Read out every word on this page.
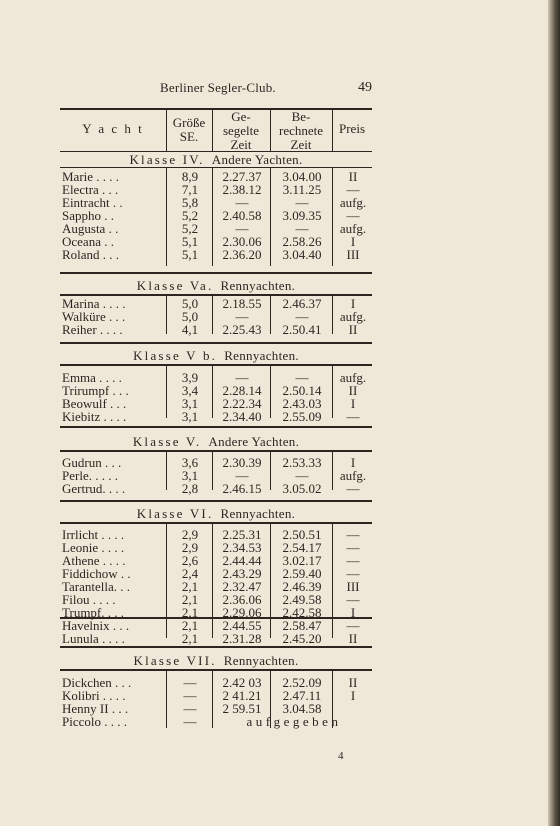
Berliner Segler-Club.	49
Y a c h t	Größe
SE.
Ge-
segelte
Zeit
Be-
rechnete
Zeit
Preis
Klasse IV. Andere Yachten.
Marie . . . .	8,9	2.27.37	3.04.00	II
Electra . . .	7,1	2.38.12	3.11.25	—
Eintracht . .	5,8	—	—	aufg.
Sappho . .	5,2	2.40.58	3.09.35	—
Augusta . .	5,2	—	—	aufg.
Oceana . .	5,1	2.30.06	2.58.26	I
Roland . . .	5,1	2.36.20	3.04.40	III
Klasse Va. Rennyachten.
Marina . . . .	5,0	2.18.55	2.46.37	I
Walküre . . .	5,0	—	—	aufg.
Reiher . . . .	4,1	2.25.43	2.50.41	II
Klasse V b. Rennyachten.
Emma . . . .	3,9	—	—	aufg.
Trirumpf . . .	3,4	2.28.14	2.50.14	II
Beowulf . . .	3,1	2.22.34	2.43.03	I
Kiebitz . . . .	3,1	2.34.40	2.55.09	—
Klasse V. Andere Yachten.
Gudrun . . .	3,6	2.30.39	2.53.33	I
Perle. . . . .	3,1	—	—	aufg.
Gertrud. . . .	2,8	2.46.15	3.05.02	—
Klasse VI. Rennyachten.
Irrlicht . . . .	2,9	2.25.31	2.50.51	—
Leonie . . . .	2,9	2.34.53	2.54.17	—
Athene . . . .	2,6	2.44.44	3.02.17	—
Fiddichow . .	2,4	2.43.29	2.59.40	—
Tarantella. . .	2,1	2.32.47	2.46.39	III
Filou . . . .	2,1	2.36.06	2.49.58	—
Trumpf. . . .	2,1	2.29.06	2.42.58	I
Havelnix . . .	2,1	2.44.55	2.58.47	—
Lunula . . . .	2,1	2.31.28	2.45.20	II
Klasse VII. Rennyachten.
Dickchen . . .	—	2.42 03	2.52.09	II
Kolibri . . . .	—	2 41.21	2.47.11	I
Henny II . . .	—	2 59.51	3.04.58
Piccolo . . . .	—	aufgegeben
4
